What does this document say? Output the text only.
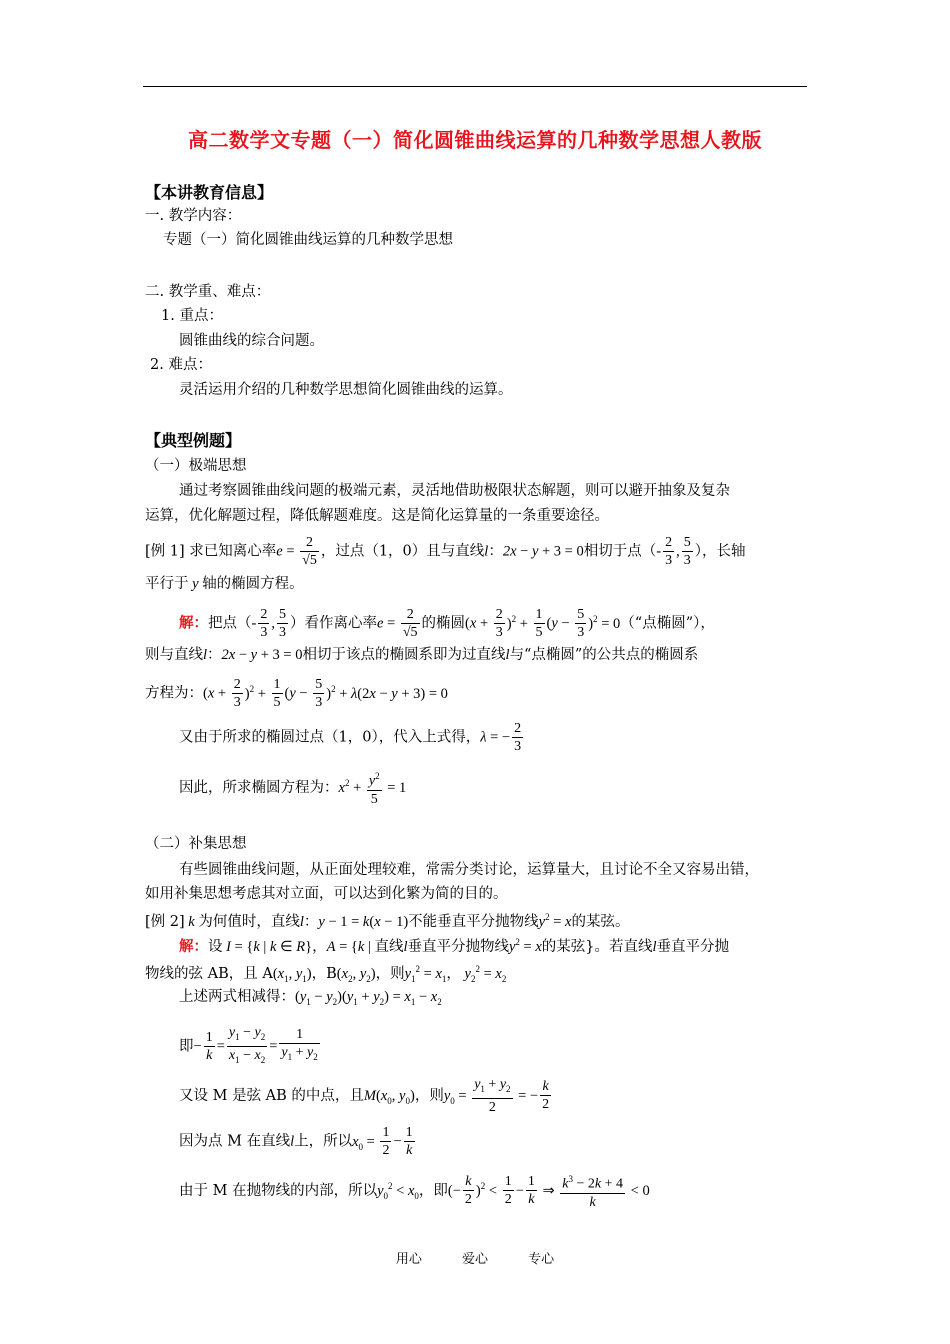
高二数学文专题（一）简化圆锥曲线运算的几种数学思想人教版
【本讲教育信息】
一. 教学内容：
专题（一）简化圆锥曲线运算的几种数学思想
二. 教学重、难点：
1. 重点：
圆锥曲线的综合问题。
2. 难点：
灵活运用介绍的几种数学思想简化圆锥曲线的运算。
【典型例题】
（一）极端思想
通过考察圆锥曲线问题的极端元素，灵活地借助极限状态解题，则可以避开抽象及复杂
运算，优化解题过程，降低解题难度。这是简化运算量的一条重要途径。
[例 1] 求已知离心率$e = \frac{2}{√5}$ ，过点（1，0）且与直线l：2x − y + 3 = 0相切于点（- $\frac{2}{3}$ , $\frac{5}{3}$ ），长轴
平行于 y 轴的椭圆方程。
解：把点（- $\frac{2}{3}$ , $\frac{5}{3}$ ）看作离心率$e = \frac{2}{√5}$ 的椭圆$(x + \frac{2}{3} )^2 + \frac{1}{5} (y - \frac{5}{3} )^2$ = 0（“点椭圆”），
则与直线l：2x − y + 3 = 0相切于该点的椭圆系即为过直线l与“点椭圆”的公共点的椭圆系
方程为：$(x + \frac{2}{3} )^2 + \frac{1}{5} (y - \frac{5}{3} )^2 + \lambda(2x - y + 3) = 0$
又由于所求的椭圆过点（1，0），代入上式得，λ = − $\frac{2}{3}$
因此，所求椭圆方程为：$x^2 + \frac{y^2}{5} = 1$
（二）补集思想
有些圆锥曲线问题，从正面处理较难，常需分类讨论，运算量大，且讨论不全又容易出错，
如用补集思想考虑其对立面，可以达到化繁为简的目的。
[例 2] k 为何值时，直线l：y − 1 = k(x − 1)不能垂直平分抛物线$y^2 = x$的某弦。
解：设 I = {k | k ∈ R}，A = {k | 直线l垂直平分抛物线$y^2 = x$的某弦}。若直线l垂直平分抛
物线的弦 AB，且 $A(x_1$, $y_1$)，$B(x_2$, $y_2$)，则$y_1^2 = x_1$， $y_2^2 = x_2$
上述两式相减得：$(y_1 - y_2)(y_1 + y_2) = x_1 - x_2$
即− $\frac{1}{k} = \frac{y_1 - y_2}{x_1 - x_2} = \frac{1}{y_1 + y_2}$
又设 M 是弦 AB 的中点，且$M(x_0$, $y_0$)，则$y_0 = \frac{y_1 + y_2}{2}$ = − $\frac{k}{2}$
因为点 M 在直线l上，所以$x_0 = \frac{1}{2} - \frac{1}{k}$
由于 M 在抛物线的内部，所以$y_0^2 < x_0$，即(− $\frac{k}{2} )^2 < \frac{1}{2} - \frac{1}{k}$ ⇒ $\frac{k^3 - 2k + 4}{k} < 0$
用心	爱心	专心
